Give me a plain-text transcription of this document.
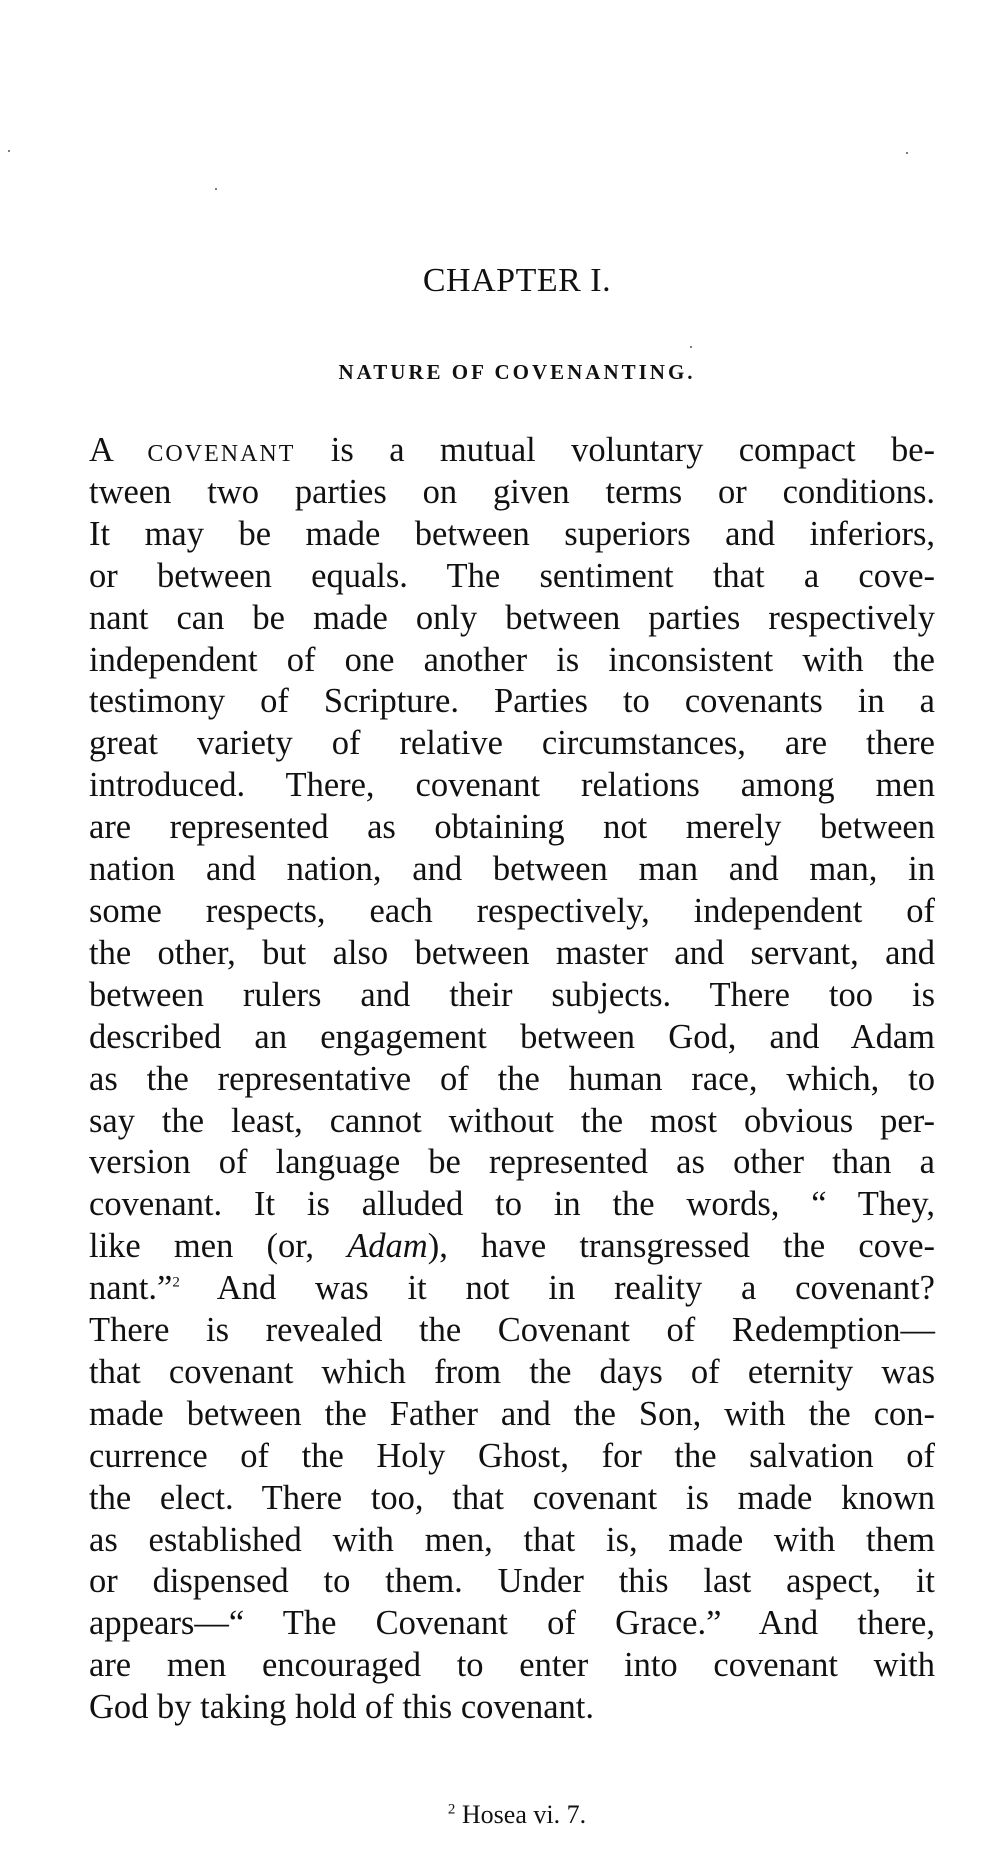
CHAPTER I.
NATURE OF COVENANTING.
A covenant is a mutual voluntary compact be-
tween two parties on given terms or conditions.
It may be made between superiors and inferiors,
or between equals. The sentiment that a cove-
nant can be made only between parties respectively
independent of one another is inconsistent with the
testimony of Scripture. Parties to covenants in a
great variety of relative circumstances, are there
introduced. There, covenant relations among men
are represented as obtaining not merely between
nation and nation, and between man and man, in
some respects, each respectively, independent of
the other, but also between master and servant, and
between rulers and their subjects. There too is
described an engagement between God, and Adam
as the representative of the human race, which, to
say the least, cannot without the most obvious per-
version of language be represented as other than a
covenant. It is alluded to in the words, “ They,
like men (or, Adam), have transgressed the cove-
nant.”$^2$ And was it not in reality a covenant?
There is revealed the Covenant of Redemption—
that covenant which from the days of eternity was
made between the Father and the Son, with the con-
currence of the Holy Ghost, for the salvation of
the elect. There too, that covenant is made known
as established with men, that is, made with them
or dispensed to them. Under this last aspect, it
appears—“ The Covenant of Grace.” And there,
are men encouraged to enter into covenant with
God by taking hold of this covenant.
$^2$ Hosea vi. 7.
